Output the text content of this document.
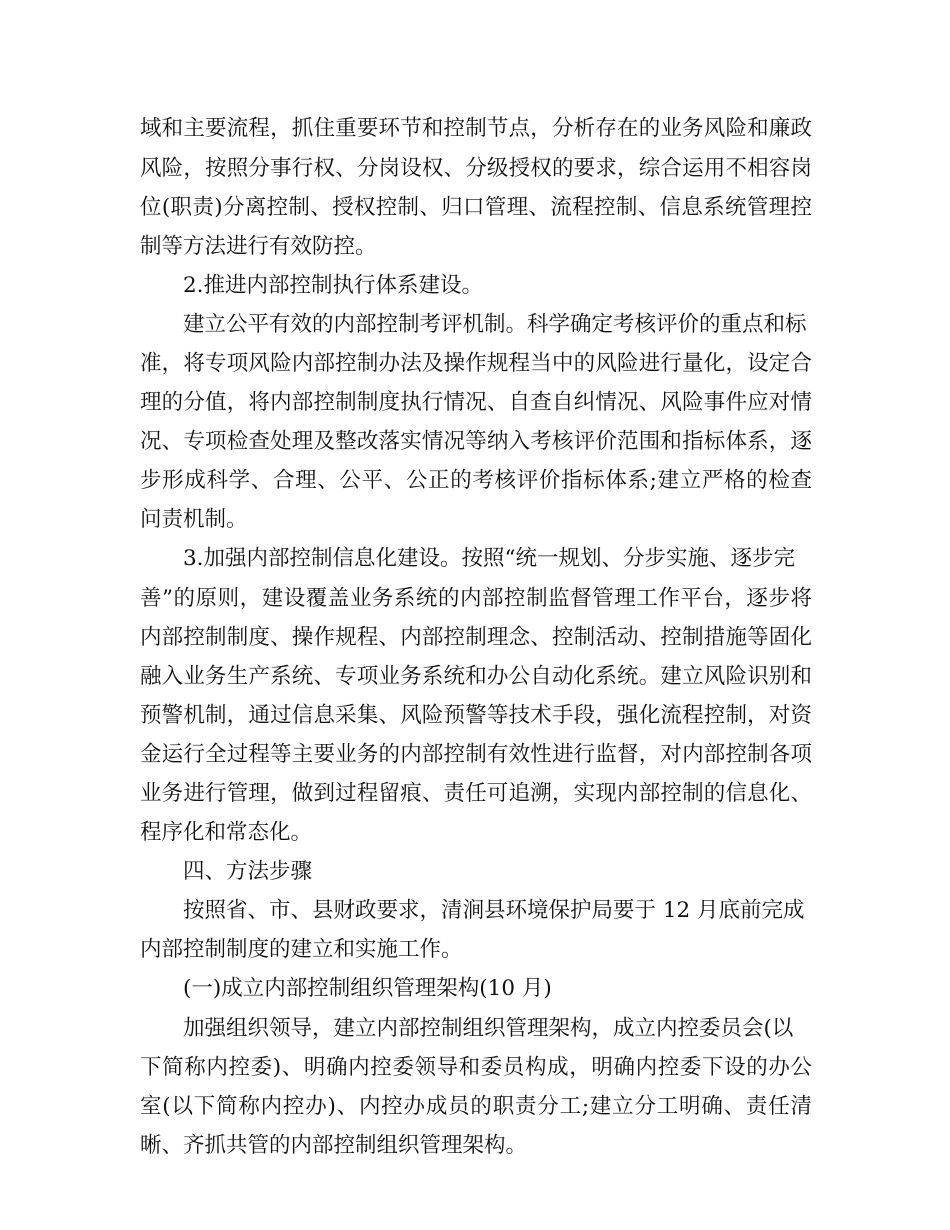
域和主要流程，抓住重要环节和控制节点，分析存在的业务风险和廉政

风险，按照分事行权、分岗设权、分级授权的要求，综合运用不相容岗

位(职责)分离控制、授权控制、归口管理、流程控制、信息系统管理控

制等方法进行有效防控。

2.推进内部控制执行体系建设。

建立公平有效的内部控制考评机制。科学确定考核评价的重点和标

准，将专项风险内部控制办法及操作规程当中的风险进行量化，设定合

理的分值，将内部控制制度执行情况、自查自纠情况、风险事件应对情

况、专项检查处理及整改落实情况等纳入考核评价范围和指标体系，逐

步形成科学、合理、公平、公正的考核评价指标体系;建立严格的检查

问责机制。

3.加强内部控制信息化建设。按照“统一规划、分步实施、逐步完

善”的原则，建设覆盖业务系统的内部控制监督管理工作平台，逐步将

内部控制制度、操作规程、内部控制理念、控制活动、控制措施等固化

融入业务生产系统、专项业务系统和办公自动化系统。建立风险识别和

预警机制，通过信息采集、风险预警等技术手段，强化流程控制，对资

金运行全过程等主要业务的内部控制有效性进行监督，对内部控制各项

业务进行管理，做到过程留痕、责任可追溯，实现内部控制的信息化、

程序化和常态化。

四、方法步骤

按照省、市、县财政要求，清涧县环境保护局要于 12 月底前完成

内部控制制度的建立和实施工作。

(一)成立内部控制组织管理架构(10 月)

加强组织领导，建立内部控制组织管理架构，成立内控委员会(以

下简称内控委)、明确内控委领导和委员构成，明确内控委下设的办公

室(以下简称内控办)、内控办成员的职责分工;建立分工明确、责任清

晰、齐抓共管的内部控制组织管理架构。
